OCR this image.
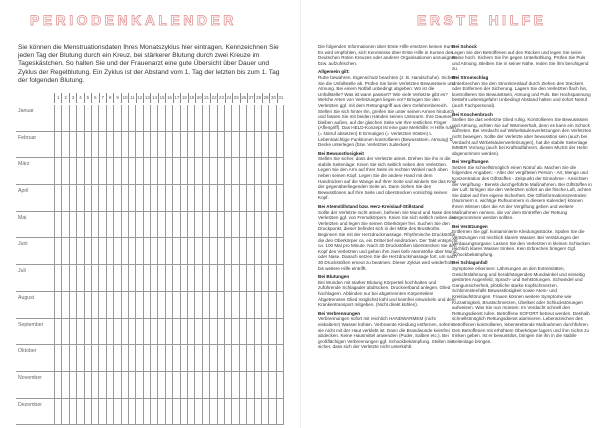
PERIODENKALENDER
Sie können die Menstruationsdaten Ihres Monatszyklus hier eintragen. Kennzeichnen Sie jeden Tag der Blutung durch ein Kreuz, bei stärkerer Blutung durch zwei Kreuze im Tageskästchen. So halten Sie und der Frauenarzt eine gute Übersicht über Dauer und Zyklus der Regelblutung. Ein Zyklus ist der Abstand vom 1. Tag der letzten bis zum 1. Tag der folgenden Blutung.
1	2	3	4	5	6	7	8	9 10 11 12 13 14 15 16 17 18 19 20 21 22 23 24 25 26 27 28 29 30 31
Januar
Februar
März
April
Mai
Juni
Juli
August
September
Oktober
November
Dezember
ERSTE HILFE

Die folgenden Informationen über Erste Hilfe ersetzen keinen Kurs. Es wird empfohlen, sich Kenntnisse über Erste Hilfe in Kursen des Deutschen Roten Kreuzes oder anderer Organisationen anzueignen bzw. aufzufrischen.

Allgemein gilt:

Ruhe bewahren. Eigenschutz beachten (z. B. Handschuhe). Sichern Sie die Unfallstelle ab. Prüfen Sie beim Verletzten Bewusstsein und Atmung. Bei einem Notfall unbedingt abgeben: Wo ist die Unfallstelle? Was ist wann passiert? Wie viele Verletzte gibt es? Welche Arten von Verletzungen liegen vor? Bringen Sie den Verletzten ggf. mit dem Rettungsgriff aus dem Gefahrenbereich. Stellen Sie sich hinter ihn, greifen Sie unter seinen Armen hindurch und fassen Sie mit beiden Händen seinen Unterarm. Ihre Daumen bleiben außen, auf der gleichen Seite wie Ihre restlichen Finger (Affengriff). Das HELD-Konzept ist eine gute Merkhilfe: H Hilfe rufen (= Notruf absetzen) E Ermutigen (= Verletzten trösten) L Lebenswichtige Funktionen kontrollieren (Bewusstsein, Atmung) D Decke unterlegen (bzw. Verletzten zudecken)

Bei Bewusstlosigkeit

Stellen Sie sicher, dass der Verletzte atmet. Drehen Sie ihn in die stabile Seitenlage: Knien Sie sich seitlich neben den Verletzten. Legen Sie den Arm auf Ihrer Seite im rechten Winkel nach oben neben seinen Kopf. Legen Sie die andere Hand mit dem Handrücken auf die Wange auf Ihrer Seite und winkeln Sie das Knie der gegenüberliegenden Seite an. Dann ziehen Sie den Bewusstlosen auf Ihre Seite und überstrecken vorsichtig seinen Kopf.

Bei Atemstillstand bzw. Herz-Kreislauf-Stillstand

Sollte der Verletzte nicht atmen, befreien Sie Mund und Nase des Verletzten ggf. von Fremdkörpern. Knien Sie sich seitlich neben den Verletzten und legen Sie seinen Oberkörper frei. Suchen Sie den Druckpunkt, dieser befindet sich in der Mitte des Brustkorbs. Beginnen Sie mit der Herzdruckmassage. Rhythmische Druckstöße, die den Oberkörper ca. ein Drittel tief eindrücken. Der Takt entspricht ca. 100 Mal pro Minute. Nach 30 Druckstößen überstrecken Sie den Kopf des Verletzten und geben ihm zwei tiefe Atemstöße über Mund oder Nase. Danach setzen Sie die Herzdruckmassage fort, um nach 30 Druckstößen erneut zu beatmen. Dieser Zyklus wird wiederholt, bis weitere Hilfe eintrifft.

Bei Blutungen

Bei Wunden mit starker Blutung Körperteil hochhalten und zuführende Schlagader abdrücken. Druckverband anlegen. Glied hochlagern. Abbinden nur bei abgetrennten Körperteilen! Abgetrenntes Glied möglichst kühl und keimfrei einwickeln und dem Krankentransport mitgeben. (Nicht direkt kühlen).

Bei Verbrennungen

Verbrennungen sofort mit reichlich HANDWARMEM (nicht eiskaltem!) Wasser kühlen. Verbrannte Kleidung entfernen, sofern sie nicht mit der Haut verklebt ist. Dann die Brandwunde keimfrei abdecken. Keine Hausmittel anwenden (Puder, Salben etc.). Bei großflächigen Verbrennungen ggf. Schockbekämpfung. Stellen Sie sicher, dass sich der Verletzte nicht unterkühlt.

Bei Schock

Legen Sie den Betroffenen auf den Rücken und legen Sie seine Beine hoch. Sichern Sie ihn gegen Unterkühlung. Prüfen Sie Puls und Atmung. Bleiben Sie in seiner Nähe, reden Sie ihm beruhigend zu.

Bei Stromschlag

Unterbrechen Sie den Stromkreislauf durch Ziehen des Steckers oder Entfernen der Sicherung. Lagern Sie den Verletzten flach hin, kontrollieren Sie Bewusstsein, Atmung und Puls. Bei Hochspannung besteht Lebensgefahr! Unbedingt Abstand halten und sofort Notruf (auch Fachpersonal).

Bei Knochenbruch

Stellen Sie das verletzte Glied ruhig. Kontrollieren Sie Bewusstsein und Atmung, achten Sie auf Wärmeerhalt, denn es kann ein Schock auftreten. Bei Verdacht auf Wirbelsäulenverletzungen den Verletzten nicht bewegen. Sollte der Verletzte aber bewusstlos sein (auch bei Verdacht auf Wirbelsäulenverletzungen), hat die stabile Seitenlage IMMER Vorrang (auch bei Kraftradfahrern, diesen MUSS der Helm abgenommen werden).

Bei Vergiftungen

Setzen Sie schnellstmöglich einen Notruf ab. Machen Sie die folgenden Angaben: - Alter der vergifteten Person - Art, Menge und Konzentration des Giftstoffes - Zeitpunkt der Einnahme - Ansichten der Vergiftung - Bereits durchgeführte Maßnahmen. Bei Giftstoffen in der Luft: Bringen Sie den Verletzten sofort an die frische Luft, achten Sie dabei auf Ihre eigene Sicherheit. Die Giftinformationszentralen (Nummern s. wichtige Rufnummern in diesem Kalender) können Ihnen Wissen über die Art der Vergiftung geben und weitere Maßnahmen nennen, die vor dem Eintreffen der Rettung vorgenommen werden sollten.

Bei Verätzungen

Entfernen Sie ggf. kontaminierte Kleidungsstücke. Spülen Sie die Verätzungen mit reichlich klarem Wasser. Bei Verätzungen der Verdauungsorgane: Lassen Sie den Verletzten in kleinen Schlucken reichlich klares Wasser trinken. Kein Erbrechen bringen! Ggf. Schockbekämpfung.

Bei Schlaganfall

Symptome erkennen: Lähmungen an den Extremitäten, Gesichtslähmung und herabhängendes Mundwinkel und einseitig gestörtes Augenfeld, Sprach- und Sehstörungen. Schwindel und Gangunsicherheit, plötzliche starke Kopfschmerzen. Schlimmstenfalls Bewusstlosigkeit sowie Atem- und Kreislaufstörungen. Frauen können weitere Symptome wie Kurzatmigkeit, Brustschmerzen, Übelkeit oder Schluckstörungen aufweisen. Was Sie nun müssen: Im Verdacht schnell den Rettungsdienst rufen. Betroffene SOFORT betreut werden. Deshalb schnellstmöglich Rettungsdienst alarmieren. Lebenszeichen des Betroffenen kontrollieren, lebensrettende Maßnahmen durchführen. Den Betroffenen mit erhöhtem Oberkörper lagern und ihm nichts zu trinken geben. Ist er bewusstlos, bringen Sie ihn in die stabile Seitenlage bringen.
